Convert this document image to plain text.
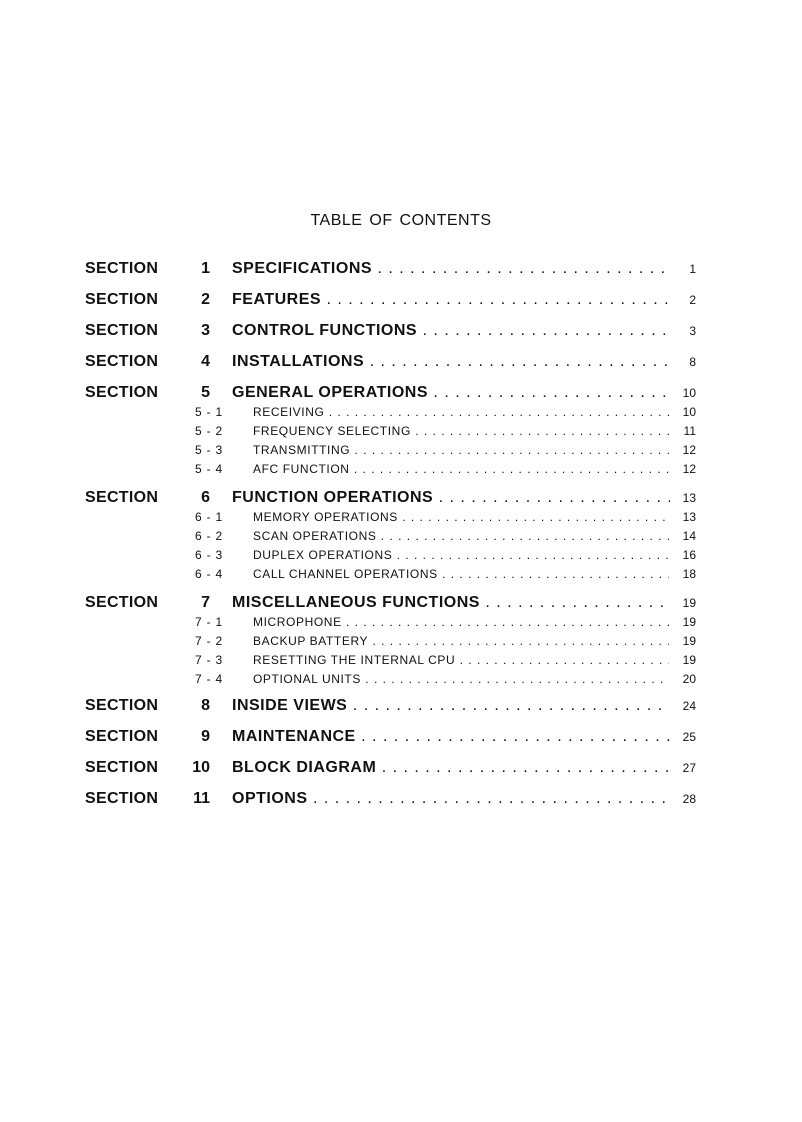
TABLE OF CONTENTS
SECTION	1 SPECIFICATIONS . . .	1
SECTION	2 FEATURES . . .	2
SECTION	3 CONTROL FUNCTIONS . . .	3
SECTION	4 INSTALLATIONS . . .	8
SECTION	5 GENERAL OPERATIONS . . .	10
5 - 1 RECEIVING . . .	10
5 - 2 FREQUENCY SELECTING . . .	11
5 - 3 TRANSMITTING . . .	12
5 - 4 AFC FUNCTION . . .	12
SECTION	6 FUNCTION OPERATIONS . . .	13
6 - 1 MEMORY OPERATIONS . . .	13
6 - 2 SCAN OPERATIONS . . .	14
6 - 3 DUPLEX OPERATIONS . . .	16
6 - 4 CALL CHANNEL OPERATIONS . . .	18
SECTION	7 MISCELLANEOUS FUNCTIONS . . .	19
7 - 1 MICROPHONE . . .	19
7 - 2 BACKUP BATTERY . . .	19
7 - 3 RESETTING THE INTERNAL CPU . . .	19
7 - 4 OPTIONAL UNITS . . .	20
SECTION	8 INSIDE VIEWS . . .	24
SECTION	9 MAINTENANCE . . .	25
SECTION	10 BLOCK DIAGRAM . . .	27
SECTION	11 OPTIONS . . .	28
